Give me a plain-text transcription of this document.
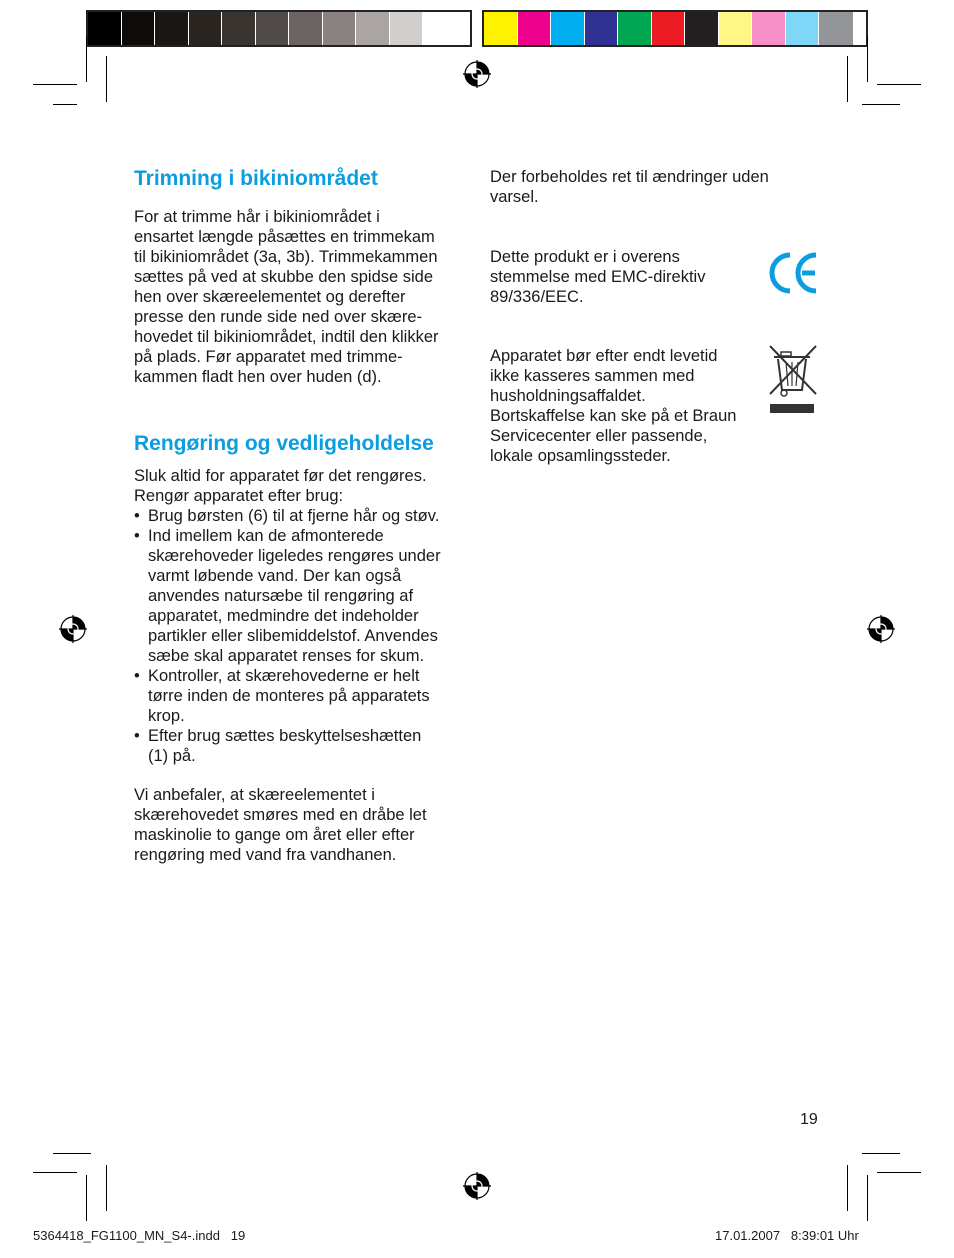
Trimning i bikiniområdet

For at trimme hår i bikiniområdet i
ensartet længde påsættes en trimmekam
til bikiniområdet (3a, 3b). Trimmekammen
sættes på ved at skubbe den spidse side
hen over skæreelementet og derefter
presse den runde side ned over skære-
hovedet til bikiniområdet, indtil den klikker
på plads. Før apparatet med trimme-
kammen fladt hen over huden (d).

Rengøring og vedligeholdelse

Sluk altid for apparatet før det rengøres.
Rengør apparatet efter brug:

• Brug børsten (6) til at fjerne hår og støv.
• Ind imellem kan de afmonterede
skærehoveder ligeledes rengøres under
varmt løbende vand. Der kan også
anvendes natursæbe til rengøring af
apparatet, medmindre det indeholder
partikler eller slibemiddelstof. Anvendes
sæbe skal apparatet renses for skum.
• Kontroller, at skærehovederne er helt
tørre inden de monteres på apparatets
krop.
• Efter brug sættes beskyttelseshætten
(1) på.

Vi anbefaler, at skæreelementet i
skærehovedet smøres med en dråbe let
maskinolie to gange om året eller efter
rengøring med vand fra vandhanen.

Der forbeholdes ret til ændringer uden
varsel.

Dette produkt er i overens
stemmelse med EMC-direktiv
89/336/EEC.

Apparatet bør efter endt levetid
ikke kasseres sammen med
husholdningsaffaldet.
Bortskaffelse kan ske på et Braun
Servicecenter eller passende,
lokale opsamlingssteder.

19
5364418_FG1100_MN_S4-.indd   19	17.01.2007   8:39:01 Uhr
